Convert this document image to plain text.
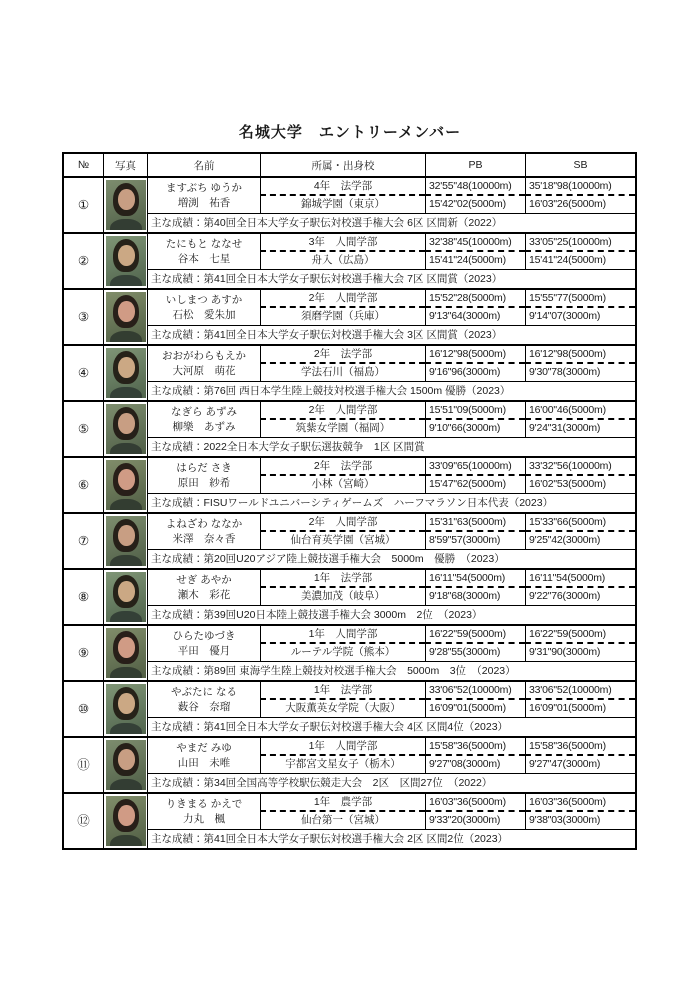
名城大学　エントリーメンバー
№	写真	名前	所属・出身校	PB	SB
①
ますぶち ゆうか
増渕　祐香
4年　法学部	32'55"48(10000m)	35'18"98(10000m)
錦城学園（東京）	15'42"02(5000m)	16'03"26(5000m)
主な成績：第40回全日本大学女子駅伝対校選手権大会 6区 区間新（2022）
②
たにもと ななせ
谷本　七星
3年　人間学部	32'38"45(10000m)	33'05"25(10000m)
舟入（広島）	15'41"24(5000m)	15'41"24(5000m)
主な成績：第41回全日本大学女子駅伝対校選手権大会 7区 区間賞（2023）
③
いしまつ あすか
石松　愛朱加
2年　人間学部	15'52"28(5000m)	15'55"77(5000m)
須磨学園（兵庫）	9'13"64(3000m)	9'14"07(3000m)
主な成績：第41回全日本大学女子駅伝対校選手権大会 3区 区間賞（2023）
④
おおがわらもえか
大河原　萌花
2年　法学部	16'12"98(5000m)	16'12"98(5000m)
学法石川（福島）	9'16"96(3000m)	9'30"78(3000m)
主な成績：第76回 西日本学生陸上競技対校選手権大会 1500m 優勝（2023）
⑤
なぎら あずみ
柳樂　あずみ
2年　人間学部	15'51"09(5000m)	16'00"46(5000m)
筑紫女学園（福岡）	9'10"66(3000m)	9'24"31(3000m)
主な成績：2022全日本大学女子駅伝選抜競争　1区 区間賞
⑥
はらだ さき
原田　紗希
2年　法学部	33'09"65(10000m)	33'32"56(10000m)
小林（宮崎）	15'47"62(5000m)	16'02"53(5000m)
主な成績：FISUワールドユニバーシティゲームズ　ハーフマラソン日本代表（2023）
⑦
よねざわ ななか
米澤　奈々香
2年　人間学部	15'31"63(5000m)	15'33"66(5000m)
仙台育英学園（宮城）	8'59"57(3000m)	9'25"42(3000m)
主な成績：第20回U20アジア陸上競技選手権大会　5000m　優勝　（2023）
⑧
せぎ あやか
瀬木　彩花
1年　法学部	16'11"54(5000m)	16'11"54(5000m)
美濃加茂（岐阜）	9'18"68(3000m)	9'22"76(3000m)
主な成績：第39回U20日本陸上競技選手権大会 3000m　2位　（2023）
⑨
ひらたゆづき
平田　優月
1年　人間学部	16'22"59(5000m)	16'22"59(5000m)
ルーテル学院（熊本）	9'28"55(3000m)	9'31"90(3000m)
主な成績：第89回 東海学生陸上競技対校選手権大会　5000m　3位　（2023）
⑩
やぶたに なる
薮谷　奈瑠
1年　法学部	33'06"52(10000m)	33'06"52(10000m)
大阪薫英女学院（大阪）	16'09"01(5000m)	16'09"01(5000m)
主な成績：第41回全日本大学女子駅伝対校選手権大会 4区 区間4位（2023）
⑪
やまだ みゆ
山田　未唯
1年　人間学部	15'58"36(5000m)	15'58"36(5000m)
宇都宮文星女子（栃木）	9'27"08(3000m)	9'27"47(3000m)
主な成績：第34回全国高等学校駅伝競走大会　2区　区間27位　（2022）
⑫
りきまる かえで
力丸　楓
1年　農学部	16'03"36(5000m)	16'03"36(5000m)
仙台第一（宮城）	9'33"20(3000m)	9'38"03(3000m)
主な成績：第41回全日本大学女子駅伝対校選手権大会 2区 区間2位（2023）
